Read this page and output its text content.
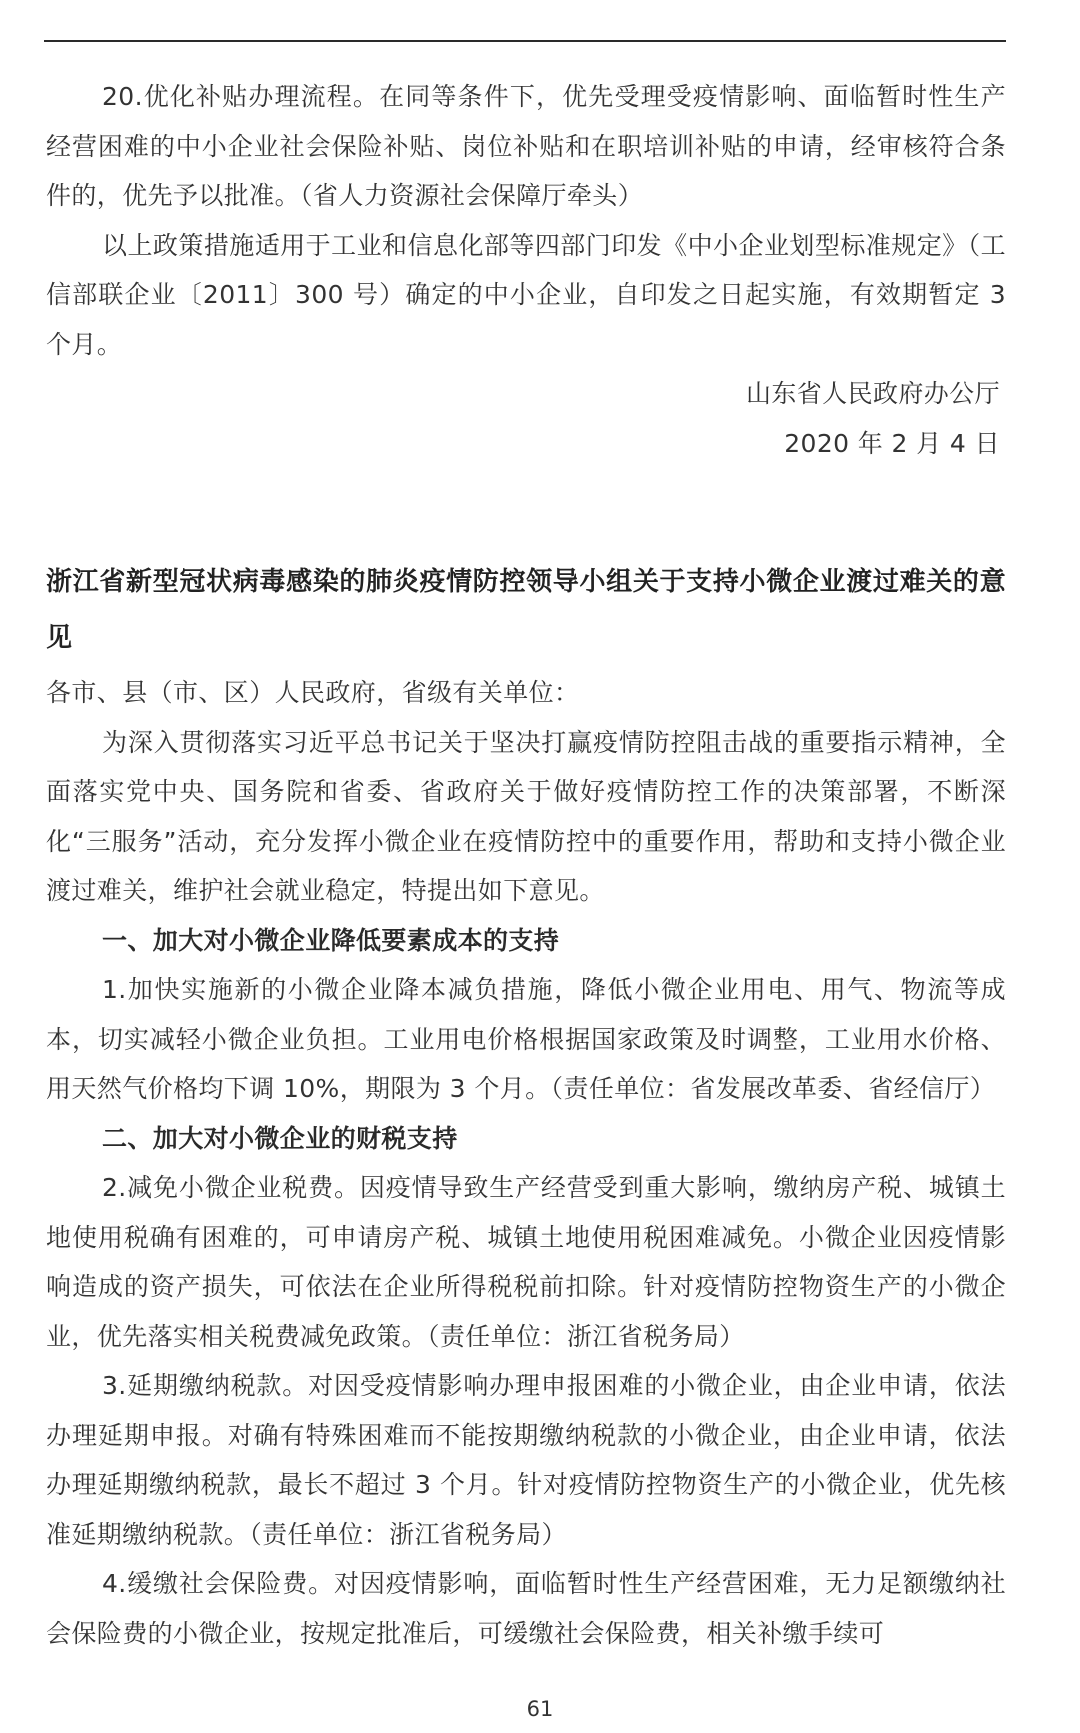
20.优化补贴办理流程。在同等条件下，优先受理受疫情影响、面临暂时性生产经营困难的中小企业社会保险补贴、岗位补贴和在职培训补贴的申请，经审核符合条件的，优先予以批准。（省人力资源社会保障厅牵头）

以上政策措施适用于工业和信息化部等四部门印发《中小企业划型标准规定》（工信部联企业〔2011〕300 号）确定的中小企业，自印发之日起实施，有效期暂定 3 个月。

山东省人民政府办公厅

2020 年 2 月 4 日

浙江省新型冠状病毒感染的肺炎疫情防控领导小组关于支持小微企业渡过难关的意见

各市、县（市、区）人民政府，省级有关单位：

为深入贯彻落实习近平总书记关于坚决打赢疫情防控阻击战的重要指示精神，全面落实党中央、国务院和省委、省政府关于做好疫情防控工作的决策部署，不断深化“三服务”活动，充分发挥小微企业在疫情防控中的重要作用，帮助和支持小微企业渡过难关，维护社会就业稳定，特提出如下意见。

一、加大对小微企业降低要素成本的支持

1.加快实施新的小微企业降本减负措施，降低小微企业用电、用气、物流等成本，切实减轻小微企业负担。工业用电价格根据国家政策及时调整，工业用水价格、用天然气价格均下调 10%，期限为 3 个月。（责任单位：省发展改革委、省经信厅）

二、加大对小微企业的财税支持

2.减免小微企业税费。因疫情导致生产经营受到重大影响，缴纳房产税、城镇土地使用税确有困难的，可申请房产税、城镇土地使用税困难减免。小微企业因疫情影响造成的资产损失，可依法在企业所得税税前扣除。针对疫情防控物资生产的小微企业，优先落实相关税费减免政策。（责任单位：浙江省税务局）

3.延期缴纳税款。对因受疫情影响办理申报困难的小微企业，由企业申请，依法办理延期申报。对确有特殊困难而不能按期缴纳税款的小微企业，由企业申请，依法办理延期缴纳税款，最长不超过 3 个月。针对疫情防控物资生产的小微企业，优先核准延期缴纳税款。（责任单位：浙江省税务局）

4.缓缴社会保险费。对因疫情影响，面临暂时性生产经营困难，无力足额缴纳社会保险费的小微企业，按规定批准后，可缓缴社会保险费，相关补缴手续可

61
